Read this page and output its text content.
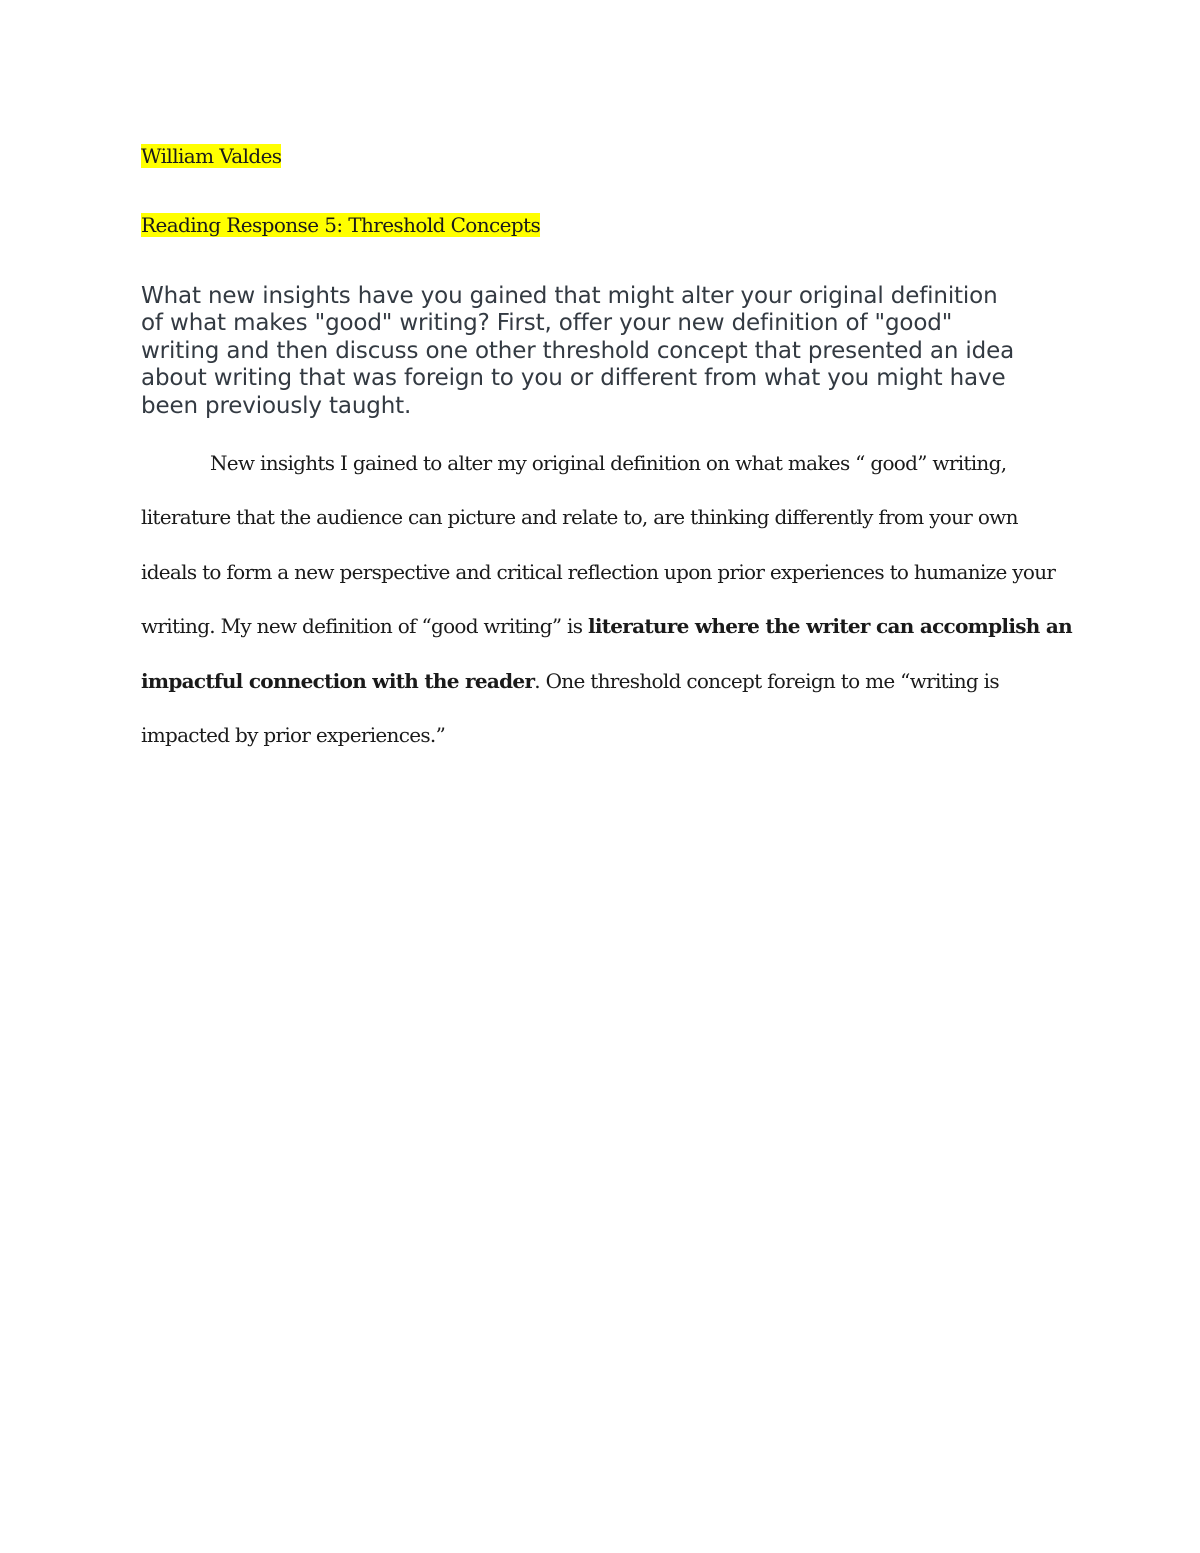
William Valdes
Reading Response 5: Threshold Concepts
What new insights have you gained that might alter your original definition
of what makes "good" writing? First, offer your new definition of "good"
writing and then discuss one other threshold concept that presented an idea
about writing that was foreign to you or different from what you might have
been previously taught.
New insights I gained to alter my original definition on what makes “ good” writing,
literature that the audience can picture and relate to, are thinking differently from your own
ideals to form a new perspective and critical reflection upon prior experiences to humanize your
writing. My new definition of “good writing” is literature where the writer can accomplish an
impactful connection with the reader. One threshold concept foreign to me “writing is
impacted by prior experiences.”
